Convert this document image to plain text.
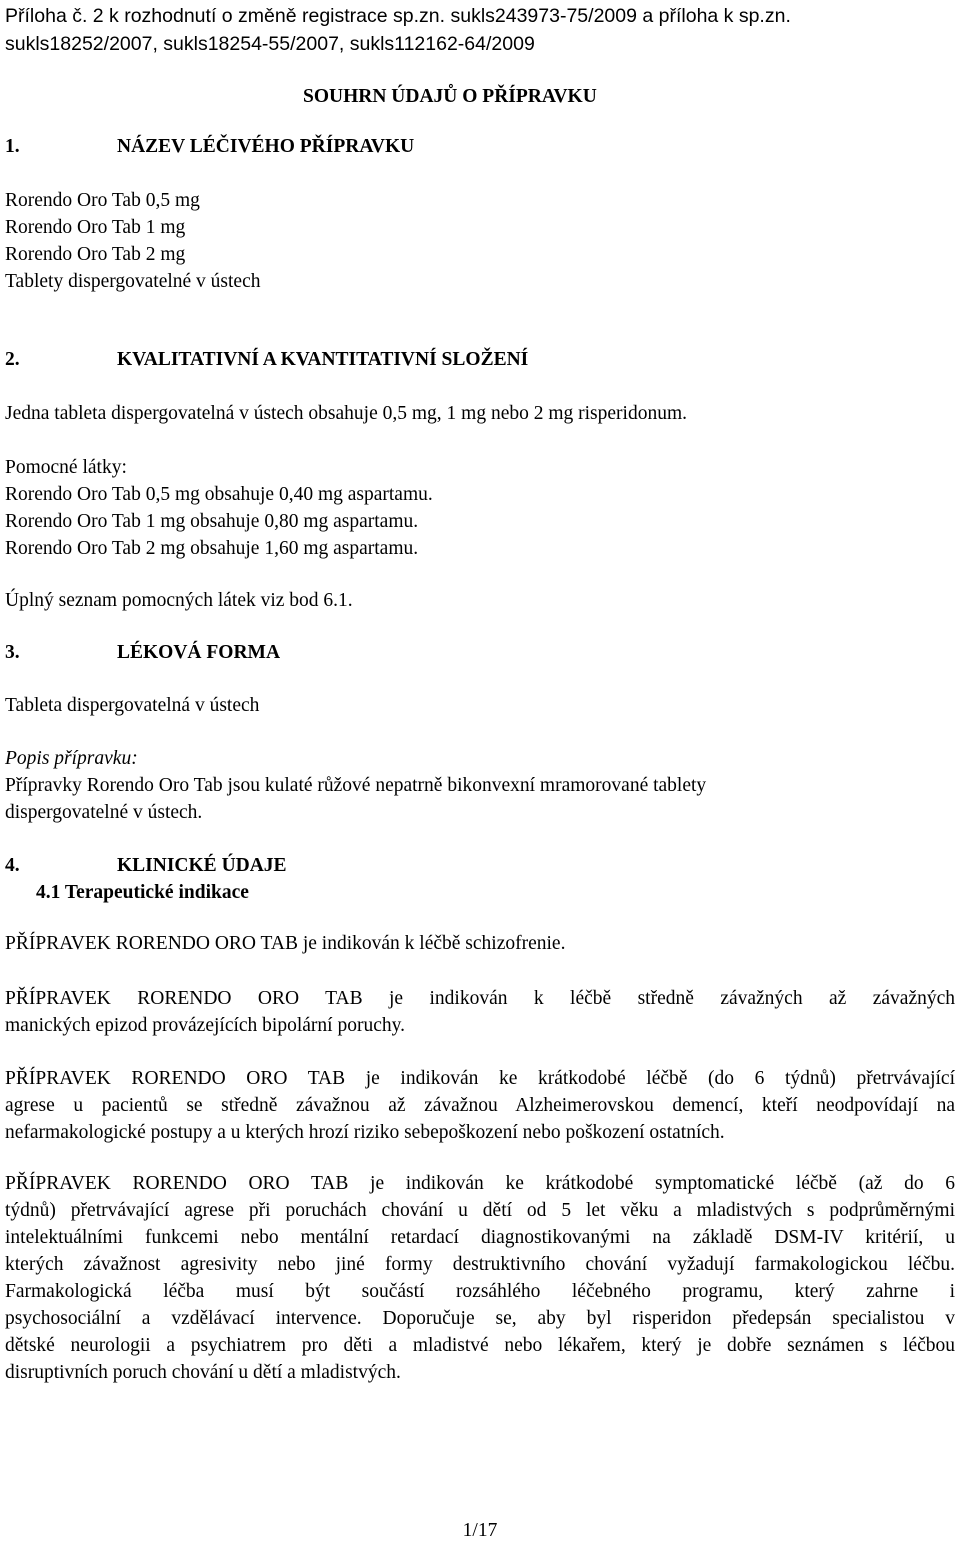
Příloha č. 2 k rozhodnutí o změně registrace sp.zn. sukls243973-75/2009 a příloha k sp.zn.
sukls18252/2007, sukls18254-55/2007, sukls112162-64/2009
SOUHRN ÚDAJŮ O PŘÍPRAVKU
1.	NÁZEV LÉČIVÉHO PŘÍPRAVKU
Rorendo Oro Tab 0,5 mg
Rorendo Oro Tab 1 mg
Rorendo Oro Tab 2 mg
Tablety dispergovatelné v ústech
2.	KVALITATIVNÍ A KVANTITATIVNÍ SLOŽENÍ
Jedna tableta dispergovatelná v ústech obsahuje 0,5 mg, 1 mg nebo 2 mg risperidonum.
Pomocné látky:
Rorendo Oro Tab 0,5 mg obsahuje 0,40 mg aspartamu.
Rorendo Oro Tab 1 mg obsahuje 0,80 mg aspartamu.
Rorendo Oro Tab 2 mg obsahuje 1,60 mg aspartamu.
Úplný seznam pomocných látek viz bod 6.1.
3.	LÉKOVÁ FORMA
Tableta dispergovatelná v ústech
Popis přípravku:
Přípravky Rorendo Oro Tab jsou kulaté růžové nepatrně bikonvexní mramorované tablety
dispergovatelné v ústech.
4.	KLINICKÉ ÚDAJE
4.1 Terapeutické indikace
PŘÍPRAVEK RORENDO ORO TAB je indikován k léčbě schizofrenie.
PŘÍPRAVEK RORENDO ORO TAB je indikován k léčbě středně závažných až závažných
manických epizod provázejících bipolární poruchy.
PŘÍPRAVEK RORENDO ORO TAB je indikován ke krátkodobé léčbě (do 6 týdnů) přetrvávající
agrese u pacientů se středně závažnou až závažnou Alzheimerovskou demencí, kteří neodpovídají na
nefarmakologické postupy a u kterých hrozí riziko sebepoškození nebo poškození ostatních.
PŘÍPRAVEK RORENDO ORO TAB je indikován ke krátkodobé symptomatické léčbě (až do 6
týdnů) přetrvávající agrese při poruchách chování u dětí od 5 let věku a mladistvých s podprůměrnými
intelektuálními funkcemi nebo mentální retardací diagnostikovanými na základě DSM-IV kritérií, u
kterých závažnost agresivity nebo jiné formy destruktivního chování vyžadují farmakologickou léčbu.
Farmakologická léčba musí být součástí rozsáhlého léčebného programu, který zahrne i
psychosociální a vzdělávací intervence. Doporučuje se, aby byl risperidon předepsán specialistou v
dětské neurologii a psychiatrem pro děti a mladistvé nebo lékařem, který je dobře seznámen s léčbou
disruptivních poruch chování u dětí a mladistvých.
1/17
